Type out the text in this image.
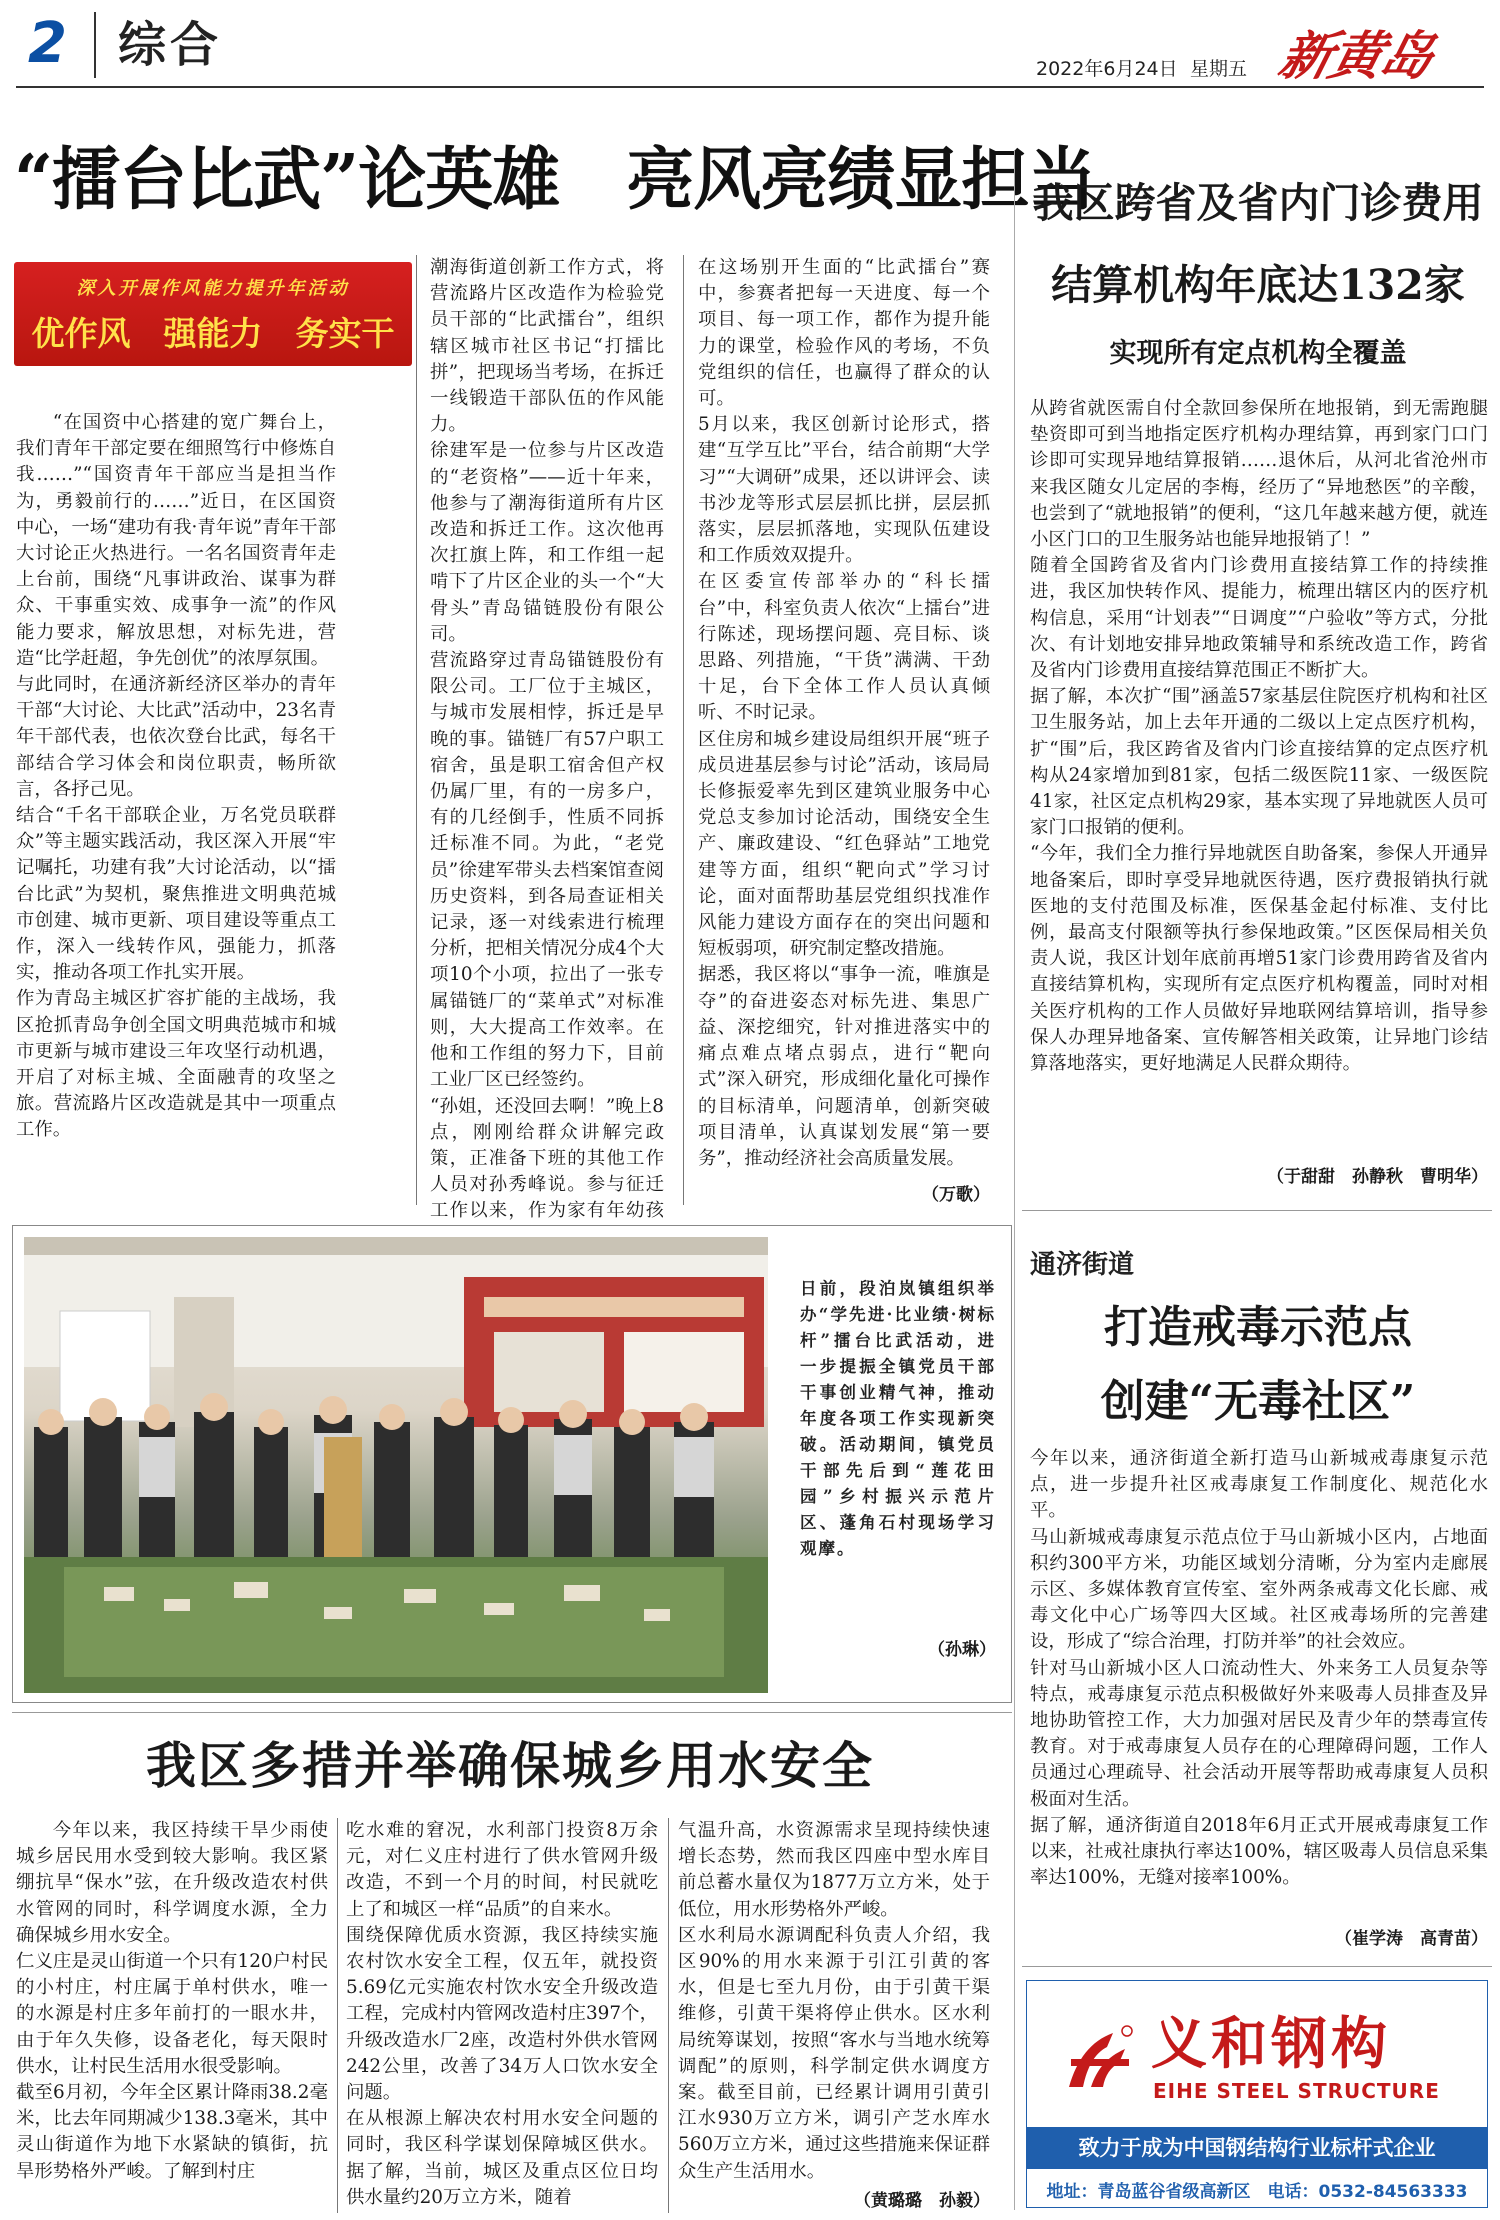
2 综合	2022年6月24日 星期五 新黄岛
“擂台比武”论英雄　亮风亮绩显担当
深入开展作风能力提升年活动
优作风　强能力　务实干
“在国资中心搭建的宽广舞台上，我们青年干部定要在细照笃行中修炼自我……”“国资青年干部应当是担当作为，勇毅前行的……”近日，在区国资中心，一场“建功有我·青年说”青年干部大讨论正火热进行。一名名国资青年走上台前，围绕“凡事讲政治、谋事为群众、干事重实效、成事争一流”的作风能力要求，解放思想，对标先进，营造“比学赶超，争先创优”的浓厚氛围。
与此同时，在通济新经济区举办的青年干部“大讨论、大比武”活动中，23名青年干部代表，也依次登台比武，每名干部结合学习体会和岗位职责，畅所欲言，各抒己见。
结合“千名干部联企业，万名党员联群众”等主题实践活动，我区深入开展“牢记嘱托，功建有我”大讨论活动，以“擂台比武”为契机，聚焦推进文明典范城市创建、城市更新、项目建设等重点工作，深入一线转作风，强能力，抓落实，推动各项工作扎实开展。
作为青岛主城区扩容扩能的主战场，我区抢抓青岛争创全国文明典范城市和城市更新与城市建设三年攻坚行动机遇，开启了对标主城、全面融青的攻坚之旅。营流路片区改造就是其中一项重点工作。
潮海街道创新工作方式，将营流路片区改造作为检验党员干部的“比武擂台”，组织辖区城市社区书记“打擂比拼”，把现场当考场，在拆迁一线锻造干部队伍的作风能力。
徐建军是一位参与片区改造的“老资格”——近十年来，他参与了潮海街道所有片区改造和拆迁工作。这次他再次扛旗上阵，和工作组一起啃下了片区企业的头一个“大骨头”青岛锚链股份有限公司。
营流路穿过青岛锚链股份有限公司。工厂位于主城区，与城市发展相悖，拆迁是早晚的事。锚链厂有57户职工宿舍，虽是职工宿舍但产权仍属厂里，有的一房多户，有的几经倒手，性质不同拆迁标准不同。为此，“老党员”徐建军带头去档案馆查阅历史资料，到各局查证相关记录，逐一对线索进行梳理分析，把相关情况分成4个大项10个小项，拉出了一张专属锚链厂的“菜单式”对标准则，大大提高工作效率。在他和工作组的努力下，目前工业厂区已经签约。
“孙姐，还没回去啊！”晚上8点，刚刚给群众讲解完政策，正准备下班的其他工作人员对孙秀峰说。参与征迁工作以来，作为家有年幼孩
在这场别开生面的“比武擂台”赛中，参赛者把每一天进度、每一个项目、每一项工作，都作为提升能力的课堂，检验作风的考场，不负党组织的信任，也赢得了群众的认可。
5月以来，我区创新讨论形式，搭建“互学互比”平台，结合前期“大学习”“大调研”成果，还以讲评会、读书沙龙等形式层层抓比拼，层层抓落实，层层抓落地，实现队伍建设和工作质效双提升。
在区委宣传部举办的“科长擂台”中，科室负责人依次“上擂台”进行陈述，现场摆问题、亮目标、谈思路、列措施，“干货”满满、干劲十足，台下全体工作人员认真倾听、不时记录。
区住房和城乡建设局组织开展“班子成员进基层参与讨论”活动，该局局长修振爱率先到区建筑业服务中心党总支参加讨论活动，围绕安全生产、廉政建设、“红色驿站”工地党建等方面，组织“靶向式”学习讨论，面对面帮助基层党组织找准作风能力建设方面存在的突出问题和短板弱项，研究制定整改措施。
据悉，我区将以“事争一流，唯旗是夺”的奋进姿态对标先进、集思广益、深挖细究，针对推进落实中的痛点难点堵点弱点，进行“靶向式”深入研究，形成细化量化可操作的目标清单，问题清单，创新突破项目清单，认真谋划发展“第一要务”，推动经济社会高质量发展。
（万歌）
我区跨省及省内门诊费用
结算机构年底达132家
实现所有定点机构全覆盖
从跨省就医需自付全款回参保所在地报销，到无需跑腿垫资即可到当地指定医疗机构办理结算，再到家门口门诊即可实现异地结算报销……退休后，从河北省沧州市来我区随女儿定居的李梅，经历了“异地愁医”的辛酸，也尝到了“就地报销”的便利，“这几年越来越方便，就连小区门口的卫生服务站也能异地报销了！”
随着全国跨省及省内门诊费用直接结算工作的持续推进，我区加快转作风、提能力，梳理出辖区内的医疗机构信息，采用“计划表”“日调度”“户验收”等方式，分批次、有计划地安排异地政策辅导和系统改造工作，跨省及省内门诊费用直接结算范围正不断扩大。
据了解，本次扩“围”涵盖57家基层住院医疗机构和社区卫生服务站，加上去年开通的二级以上定点医疗机构，扩“围”后，我区跨省及省内门诊直接结算的定点医疗机构从24家增加到81家，包括二级医院11家、一级医院41家，社区定点机构29家，基本实现了异地就医人员可家门口报销的便利。
“今年，我们全力推行异地就医自助备案，参保人开通异地备案后，即时享受异地就医待遇，医疗费报销执行就医地的支付范围及标准，医保基金起付标准、支付比例，最高支付限额等执行参保地政策。”区医保局相关负责人说，我区计划年底前再增51家门诊费用跨省及省内直接结算机构，实现所有定点医疗机构覆盖，同时对相关医疗机构的工作人员做好异地联网结算培训，指导参保人办理异地备案、宣传解答相关政策，让异地门诊结算落地落实，更好地满足人民群众期待。
（于甜甜　孙静秋　曹明华）
日前，段泊岚镇组织举办“学先进·比业绩·树标杆”擂台比武活动，进一步提振全镇党员干部干事创业精气神，推动年度各项工作实现新突破。活动期间，镇党员干部先后到“莲花田园”乡村振兴示范片区、蓬角石村现场学习观摩。
（孙琳）
通济街道
打造戒毒示范点
创建“无毒社区”
今年以来，通济街道全新打造马山新城戒毒康复示范点，进一步提升社区戒毒康复工作制度化、规范化水平。
马山新城戒毒康复示范点位于马山新城小区内，占地面积约300平方米，功能区域划分清晰，分为室内走廊展示区、多媒体教育宣传室、室外两条戒毒文化长廊、戒毒文化中心广场等四大区域。社区戒毒场所的完善建设，形成了“综合治理，打防并举”的社会效应。
针对马山新城小区人口流动性大、外来务工人员复杂等特点，戒毒康复示范点积极做好外来吸毒人员排查及异地协助管控工作，大力加强对居民及青少年的禁毒宣传教育。对于戒毒康复人员存在的心理障碍问题，工作人员通过心理疏导、社会活动开展等帮助戒毒康复人员积极面对生活。
据了解，通济街道自2018年6月正式开展戒毒康复工作以来，社戒社康执行率达100%，辖区吸毒人员信息采集率达100%，无缝对接率100%。
（崔学涛　高青苗）
我区多措并举确保城乡用水安全
今年以来，我区持续干旱少雨使城乡居民用水受到较大影响。我区紧绷抗旱“保水”弦，在升级改造农村供水管网的同时，科学调度水源，全力确保城乡用水安全。
仁义庄是灵山街道一个只有120户村民的小村庄，村庄属于单村供水，唯一的水源是村庄多年前打的一眼水井，由于年久失修，设备老化，每天限时供水，让村民生活用水很受影响。
截至6月初，今年全区累计降雨38.2毫米，比去年同期减少138.3毫米，其中灵山街道作为地下水紧缺的镇街，抗旱形势格外严峻。了解到村庄
吃水难的窘况，水利部门投资8万余元，对仁义庄村进行了供水管网升级改造，不到一个月的时间，村民就吃上了和城区一样“品质”的自来水。
围绕保障优质水资源，我区持续实施农村饮水安全工程，仅五年，就投资5.69亿元实施农村饮水安全升级改造工程，完成村内管网改造村庄397个，升级改造水厂2座，改造村外供水管网242公里，改善了34万人口饮水安全问题。
在从根源上解决农村用水安全问题的同时，我区科学谋划保障城区供水。据了解，当前，城区及重点区位日均供水量约20万立方米，随着
气温升高，水资源需求呈现持续快速增长态势，然而我区四座中型水库目前总蓄水量仅为1877万立方米，处于低位，用水形势格外严峻。
区水利局水源调配科负责人介绍，我区90%的用水来源于引江引黄的客水，但是七至九月份，由于引黄干渠维修，引黄干渠将停止供水。区水利局统筹谋划，按照“客水与当地水统筹调配”的原则，科学制定供水调度方案。截至目前，已经累计调用引黄引江水930万立方米，调引产芝水库水560万立方米，通过这些措施来保证群众生产生活用水。
（黄璐璐　孙毅）
义和钢构
EIHE STEEL STRUCTURE
致力于成为中国钢结构行业标杆式企业
地址：青岛蓝谷省级高新区　电话：0532-84563333
